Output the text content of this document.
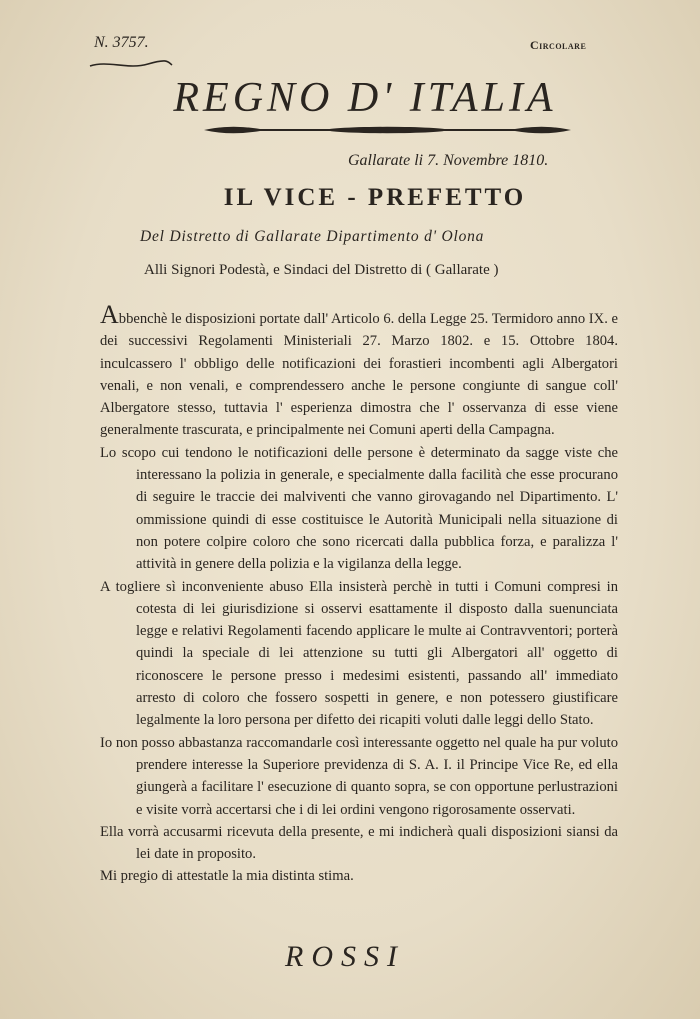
N. 3757.	Circolare
REGNO D' ITALIA
Gallarate li 7. Novembre 1810.
IL VICE - PREFETTO
Del Distretto di Gallarate Dipartimento d' Olona
Alli Signori Podestà, e Sindaci del Distretto di ( Gallarate )

Abbenchè le disposizioni portate dall' Articolo 6. della Legge 25. Termidoro anno IX. e dei successivi Regolamenti Ministeriali 27. Marzo 1802. e 15. Ottobre 1804. inculcassero l' obbligo delle notificazioni dei forastieri incombenti agli Albergatori venali, e non venali, e comprendessero anche le persone congiunte di sangue coll' Albergatore stesso, tuttavia l' esperienza dimostra che l' osservanza di esse viene generalmente trascurata, e principalmente nei Comuni aperti della Campagna.

Lo scopo cui tendono le notificazioni delle persone è determinato da sagge viste che interessano la polizia in generale, e specialmente dalla facilità che esse procurano di seguire le traccie dei malviventi che vanno girovagando nel Dipartimento. L' ommissione quindi di esse costituisce le Autorità Municipali nella situazione di non potere colpire coloro che sono ricercati dalla pubblica forza, e paralizza l' attività in genere della polizia e la vigilanza della legge.

A togliere sì inconveniente abuso Ella insisterà perchè in tutti i Comuni compresi in cotesta di lei giurisdizione si osservi esattamente il disposto dalla suenunciata legge e relativi Regolamenti facendo applicare le multe ai Contravventori; porterà quindi la speciale di lei attenzione su tutti gli Albergatori all' oggetto di riconoscere le persone presso i medesimi esistenti, passando all' immediato arresto di coloro che fossero sospetti in genere, e non potessero giustificare legalmente la loro persona per difetto dei ricapiti voluti dalle leggi dello Stato.

Io non posso abbastanza raccomandarle così interessante oggetto nel quale ha pur voluto prendere interesse la Superiore previdenza di S. A. I. il Principe Vice Re, ed ella giungerà a facilitare l' esecuzione di quanto sopra, se con opportune perlustrazioni e visite vorrà accertarsi che i di lei ordini vengono rigorosamente osservati.

Ella vorrà accusarmi ricevuta della presente, e mi indicherà quali disposizioni siansi da lei date in proposito.

Mi pregio di attestatle la mia distinta stima.

ROSSI
